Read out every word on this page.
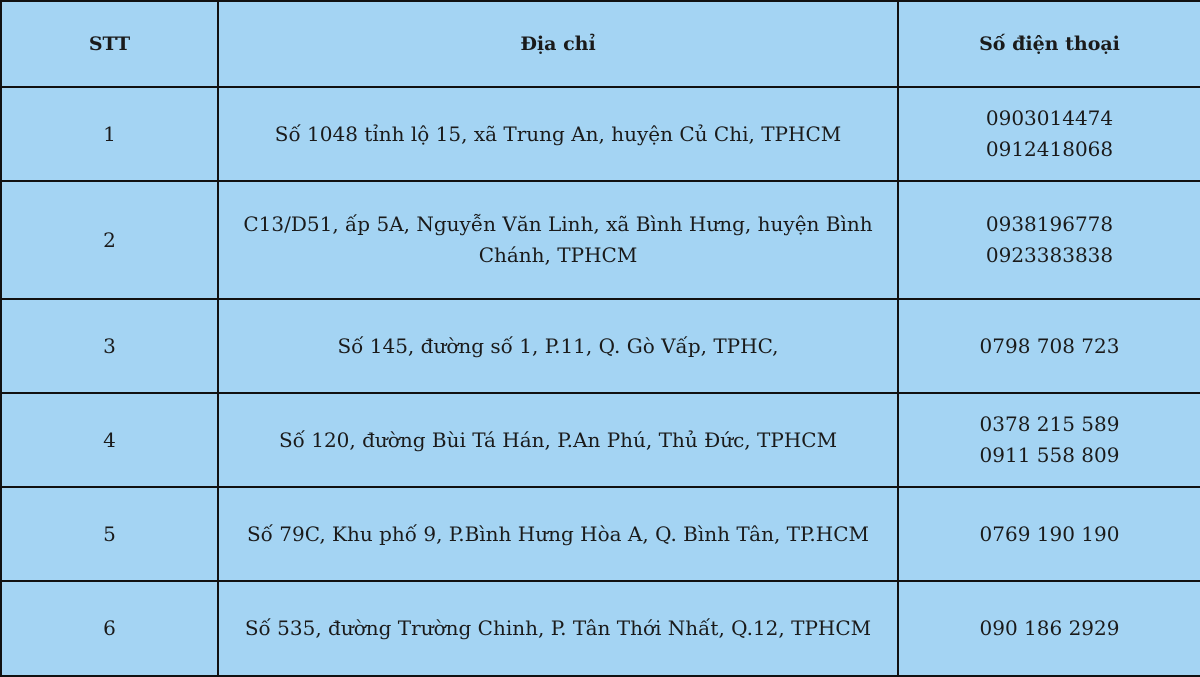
STT	Địa chỉ	Số điện thoại
1	Số 1048 tỉnh lộ 15, xã Trung An, huyện Củ Chi, TPHCM	0903014474
0912418068

2	C13/D51, ấp 5A, Nguyễn Văn Linh, xã Bình Hưng, huyện Bình Chánh, TPHCM	0938196778
0923383838

3	Số 145, đường số 1, P.11, Q. Gò Vấp, TPHC,	0798 708 723

4	Số 120, đường Bùi Tá Hán, P.An Phú, Thủ Đức, TPHCM	0378 215 589
0911 558 809

5	Số 79C, Khu phố 9, P.Bình Hưng Hòa A, Q. Bình Tân, TP.HCM	0769 190 190

6	Số 535, đường Trường Chinh, P. Tân Thới Nhất, Q.12, TPHCM	090 186 2929
